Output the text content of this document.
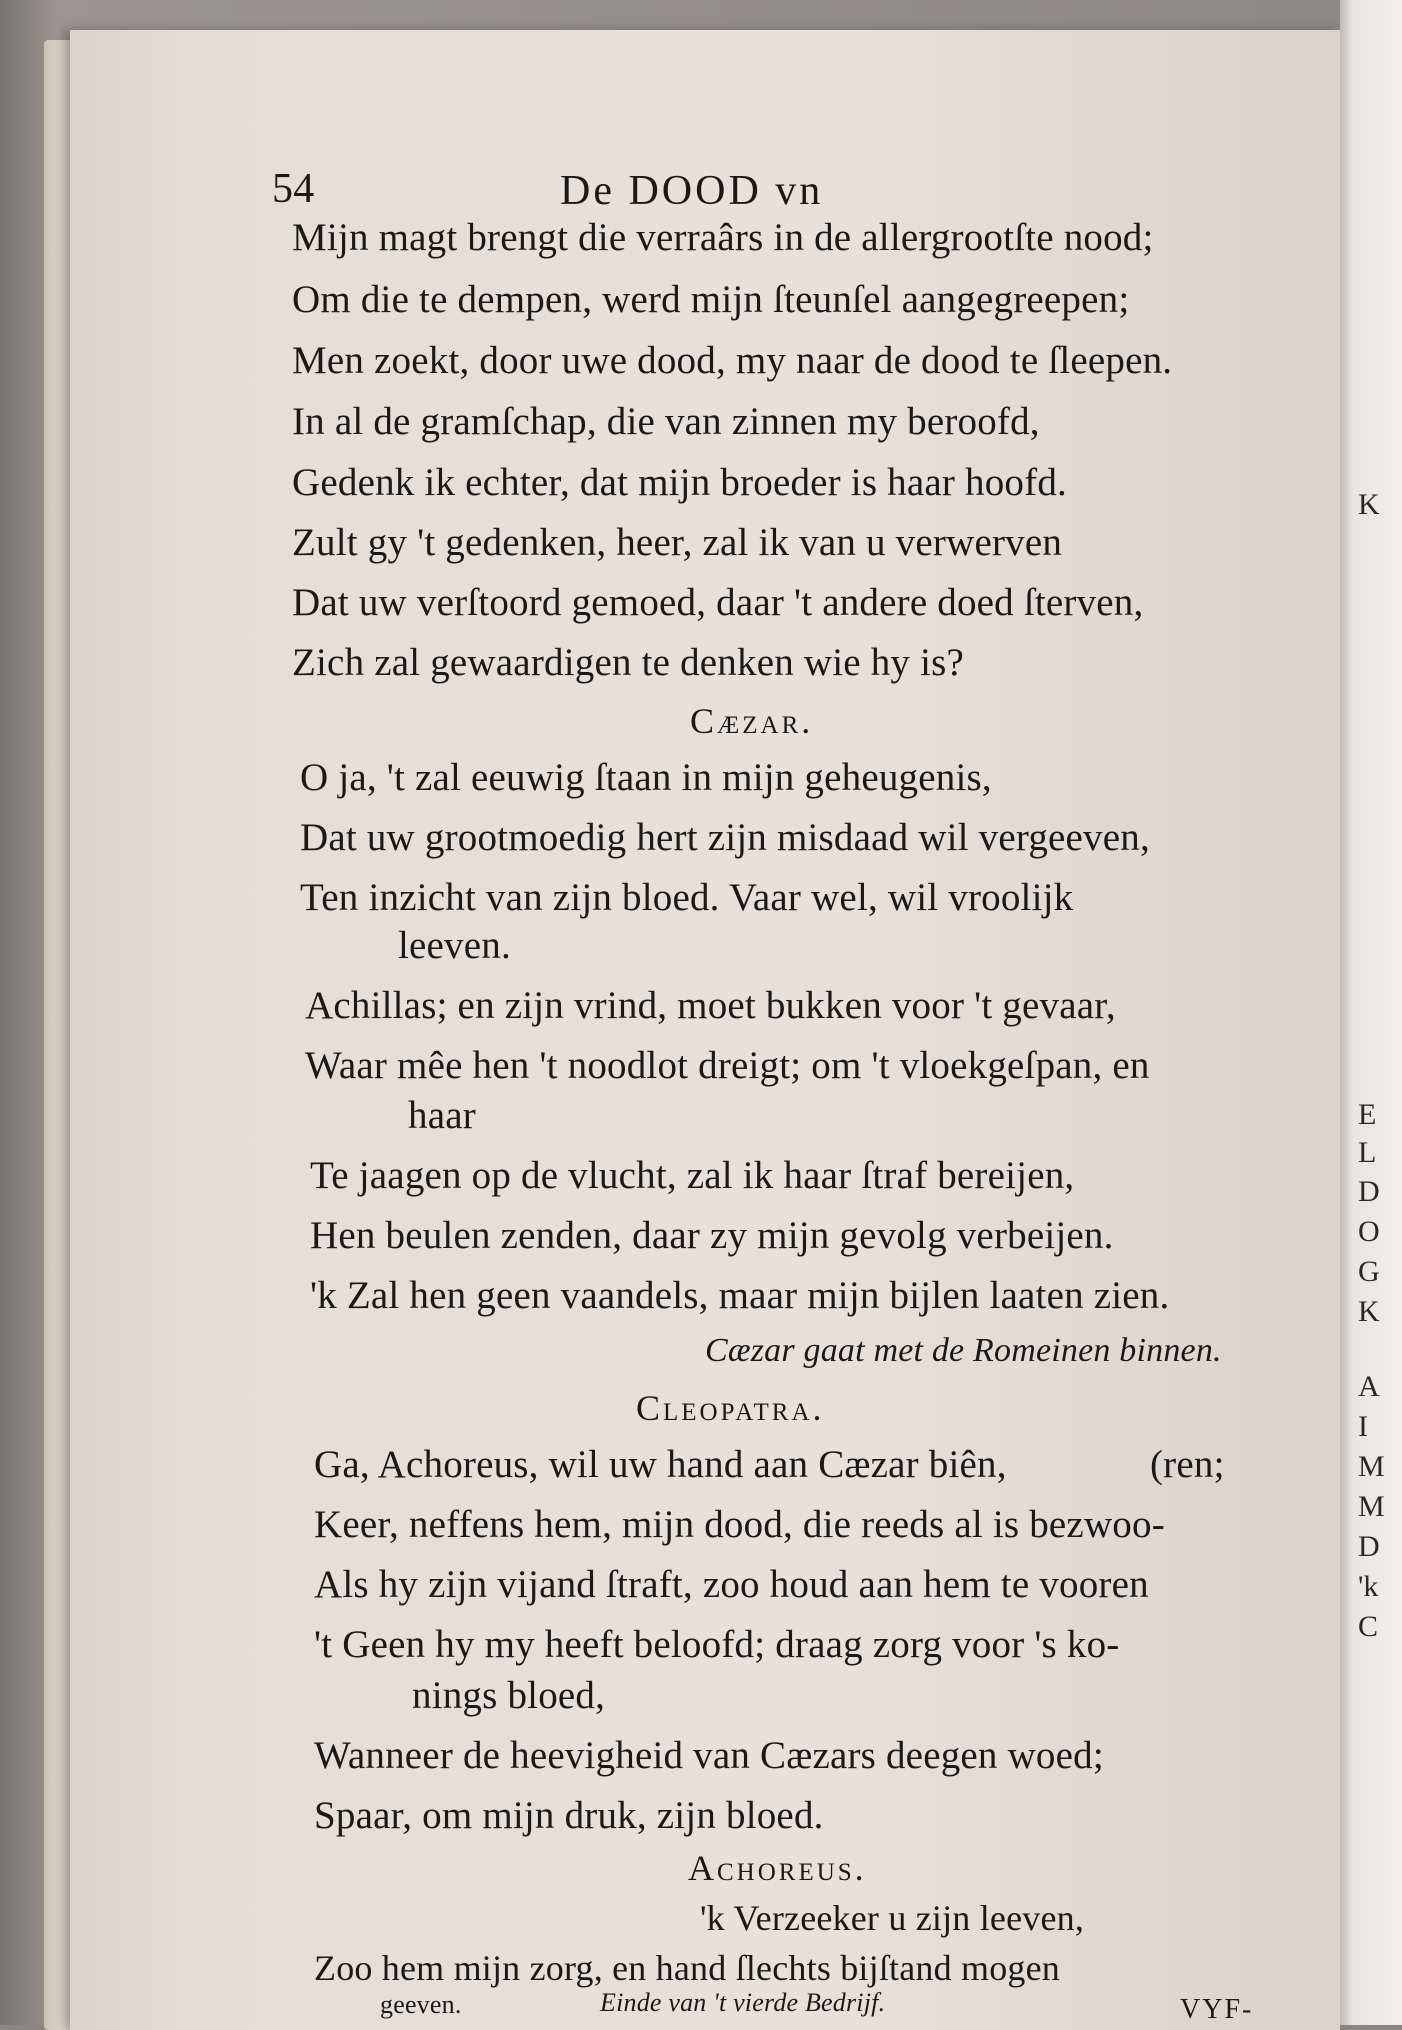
K
E
L
D
O
G
K
A
I
M
M
D
'k
C
54	De DOOD vn
Mijn magt brengt die verraârs in de allergrootſte nood;
Om die te dempen, werd mijn ſteunſel aangegreepen;
Men zoekt, door uwe dood, my naar de dood te ſleepen.
In al de gramſchap, die van zinnen my beroofd,
Gedenk ik echter, dat mijn broeder is haar hoofd.
Zult gy 't gedenken, heer, zal ik van u verwerven
Dat uw verſtoord gemoed, daar 't andere doed ſterven,
Zich zal gewaardigen te denken wie hy is?
Cæzar.
O ja, 't zal eeuwig ſtaan in mijn geheugenis,
Dat uw grootmoedig hert zijn misdaad wil vergeeven,
Ten inzicht van zijn bloed. Vaar wel, wil vroolijk
leeven.
Achillas; en zijn vrind, moet bukken voor 't gevaar,
Waar mêe hen 't noodlot dreigt; om 't vloekgeſpan, en
haar
Te jaagen op de vlucht, zal ik haar ſtraf bereijen,
Hen beulen zenden, daar zy mijn gevolg verbeijen.
'k Zal hen geen vaandels, maar mijn bijlen laaten zien.
Cæzar gaat met de Romeinen binnen.
Cleopatra.
Ga, Achoreus, wil uw hand aan Cæzar biên,	(ren;
Keer, neffens hem, mijn dood, die reeds al is bezwoo-
Als hy zijn vijand ſtraft, zoo houd aan hem te vooren
't Geen hy my heeft beloofd; draag zorg voor 's ko-
nings bloed,
Wanneer de heevigheid van Cæzars deegen woed;
Spaar, om mijn druk, zijn bloed.
Achoreus.
'k Verzeeker u zijn leeven,
Zoo hem mijn zorg, en hand ſlechts bijſtand mogen
geeven.	Einde van 't vierde Bedrijf.	VYF-
